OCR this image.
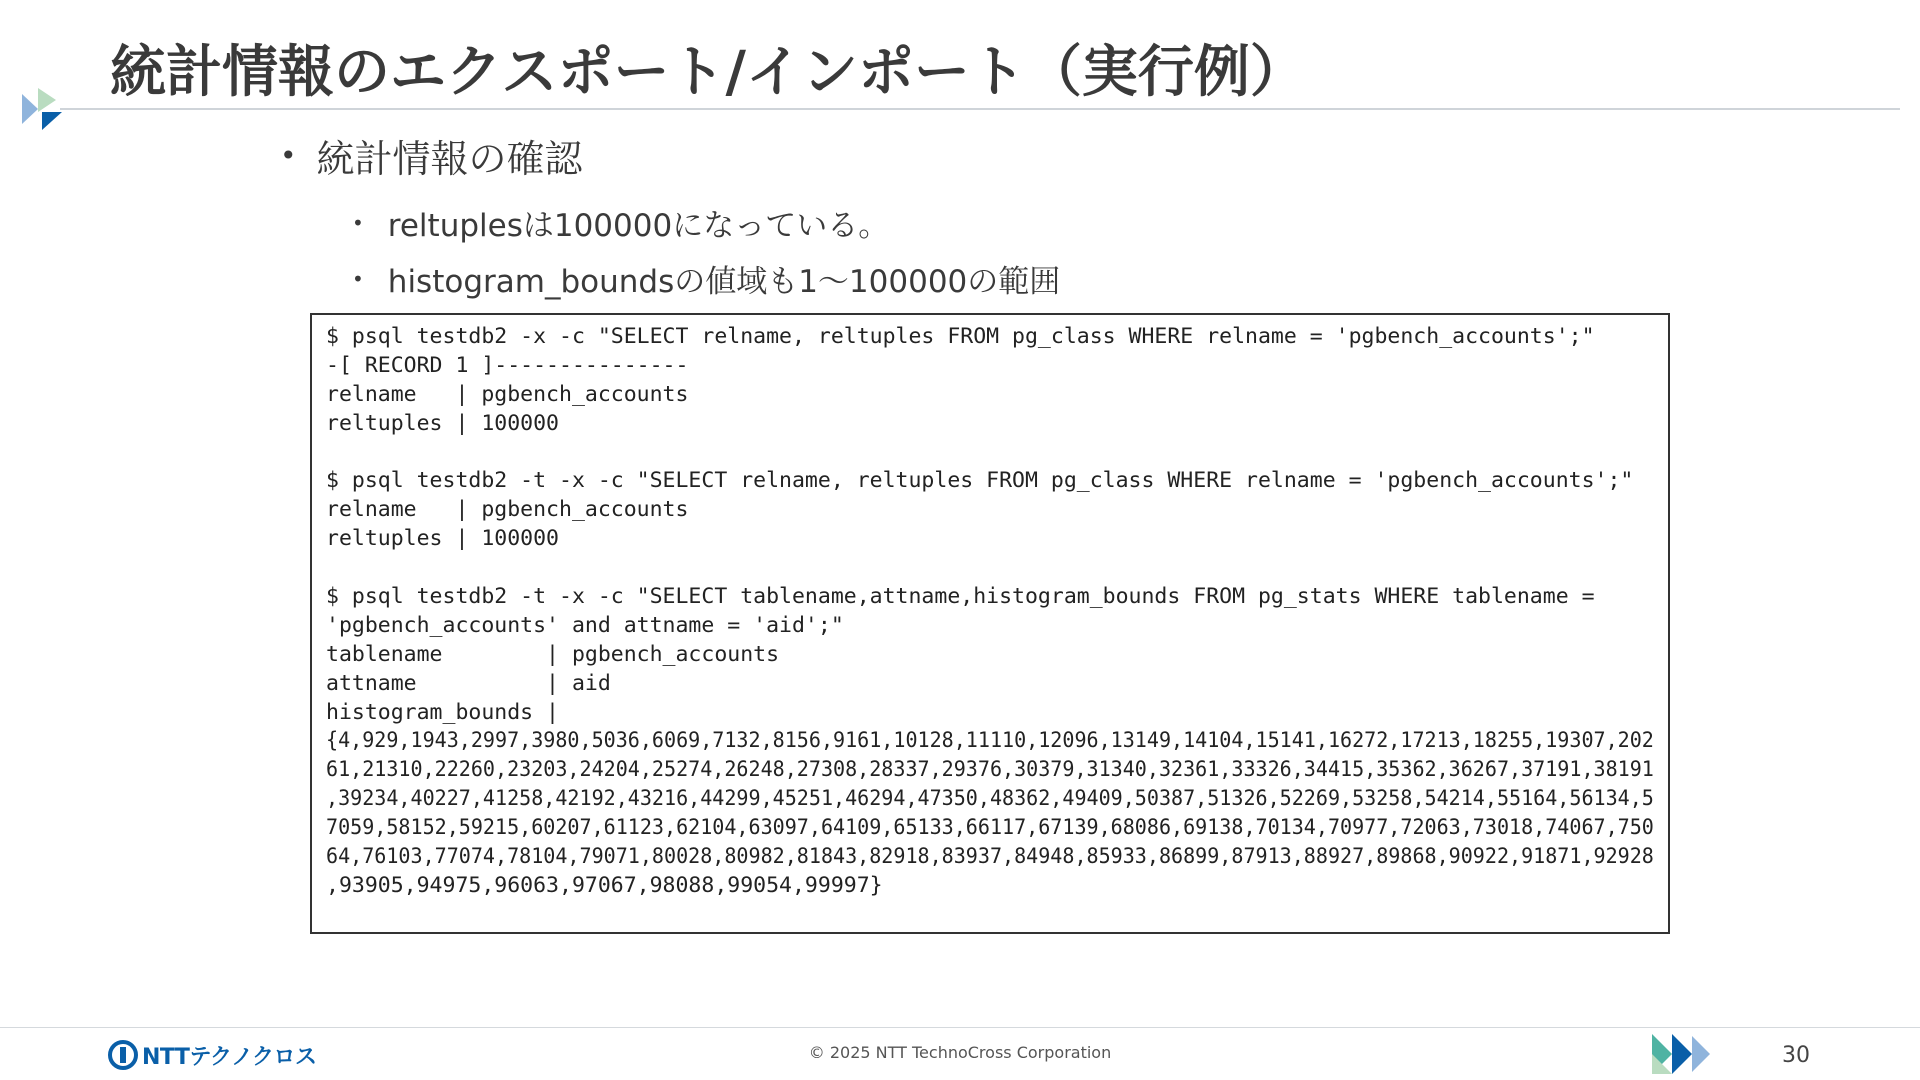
統計情報のエクスポート/インポート（実行例）
• 統計情報の確認
• reltuplesは100000になっている。
• histogram_boundsの値域も1～100000の範囲
$ psql testdb2 -x -c "SELECT relname, reltuples FROM pg_class WHERE relname = 'pgbench_accounts';"
-[ RECORD 1 ]---------------
relname   | pgbench_accounts
reltuples | 100000
$ psql testdb2 -t -x -c "SELECT relname, reltuples FROM pg_class WHERE relname = 'pgbench_accounts';"
relname   | pgbench_accounts
reltuples | 100000
$ psql testdb2 -t -x -c "SELECT tablename,attname,histogram_bounds FROM pg_stats WHERE tablename =
'pgbench_accounts' and attname = 'aid';"
tablename        | pgbench_accounts
attname          | aid
histogram_bounds |
{4,929,1943,2997,3980,5036,6069,7132,8156,9161,10128,11110,12096,13149,14104,15141,16272,17213,18255,19307,202
61,21310,22260,23203,24204,25274,26248,27308,28337,29376,30379,31340,32361,33326,34415,35362,36267,37191,38191
,39234,40227,41258,42192,43216,44299,45251,46294,47350,48362,49409,50387,51326,52269,53258,54214,55164,56134,5
7059,58152,59215,60207,61123,62104,63097,64109,65133,66117,67139,68086,69138,70134,70977,72063,73018,74067,750
64,76103,77074,78104,79071,80028,80982,81843,82918,83937,84948,85933,86899,87913,88927,89868,90922,91871,92928
,93905,94975,96063,97067,98088,99054,99997}
NTTテクノクロス	© 2025 NTT TechnoCross Corporation	30
